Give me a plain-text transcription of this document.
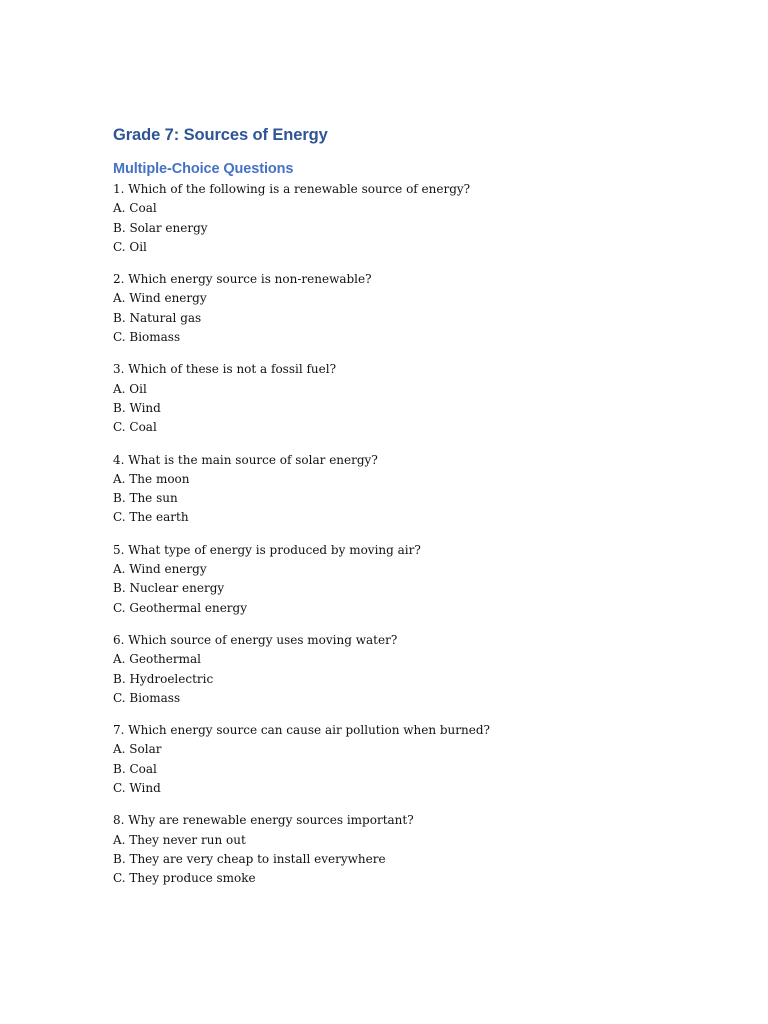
Grade 7: Sources of Energy
Multiple-Choice Questions
1. Which of the following is a renewable source of energy?
A. Coal
B. Solar energy
C. Oil
2. Which energy source is non-renewable?
A. Wind energy
B. Natural gas
C. Biomass
3. Which of these is not a fossil fuel?
A. Oil
B. Wind
C. Coal
4. What is the main source of solar energy?
A. The moon
B. The sun
C. The earth
5. What type of energy is produced by moving air?
A. Wind energy
B. Nuclear energy
C. Geothermal energy
6. Which source of energy uses moving water?
A. Geothermal
B. Hydroelectric
C. Biomass
7. Which energy source can cause air pollution when burned?
A. Solar
B. Coal
C. Wind
8. Why are renewable energy sources important?
A. They never run out
B. They are very cheap to install everywhere
C. They produce smoke
